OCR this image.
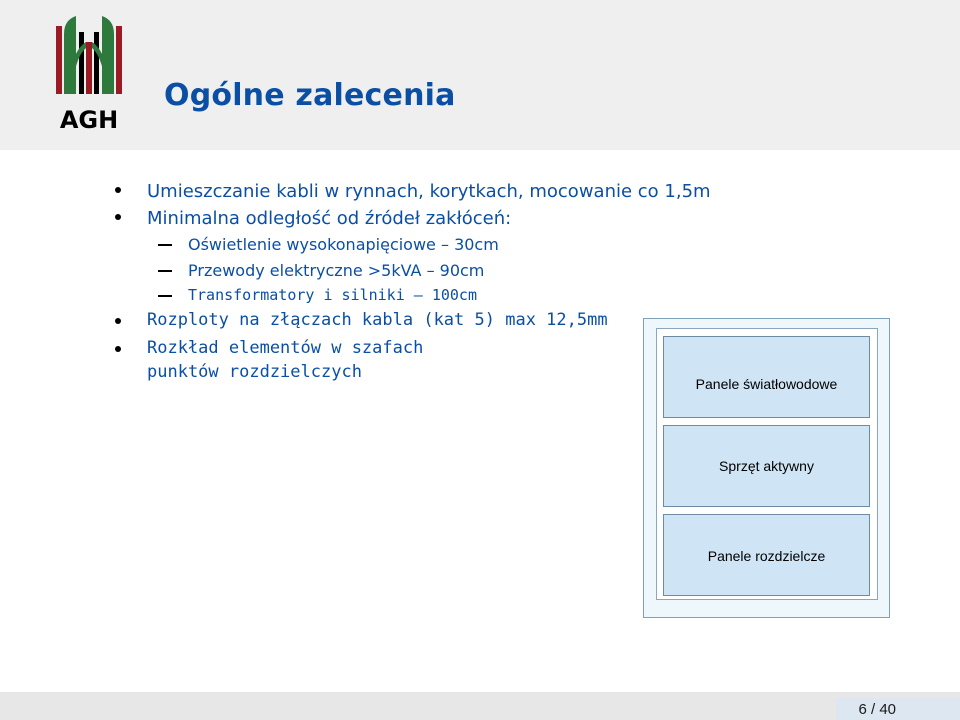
AGH
Ogólne zalecenia
Umieszczanie kabli w rynnach, korytkach, mocowanie co 1,5m
Minimalna odległość od źródeł zakłóceń:
Oświetlenie wysokonapięciowe – 30cm
Przewody elektryczne >5kVA – 90cm
Transformatory i silniki – 100cm
Rozploty na złączach kabla (kat 5) max 12,5mm
Rozkład elementów w szafach
punktów rozdzielczych
Panele światłowodowe
Sprzęt aktywny
Panele rozdzielcze
6 / 40
